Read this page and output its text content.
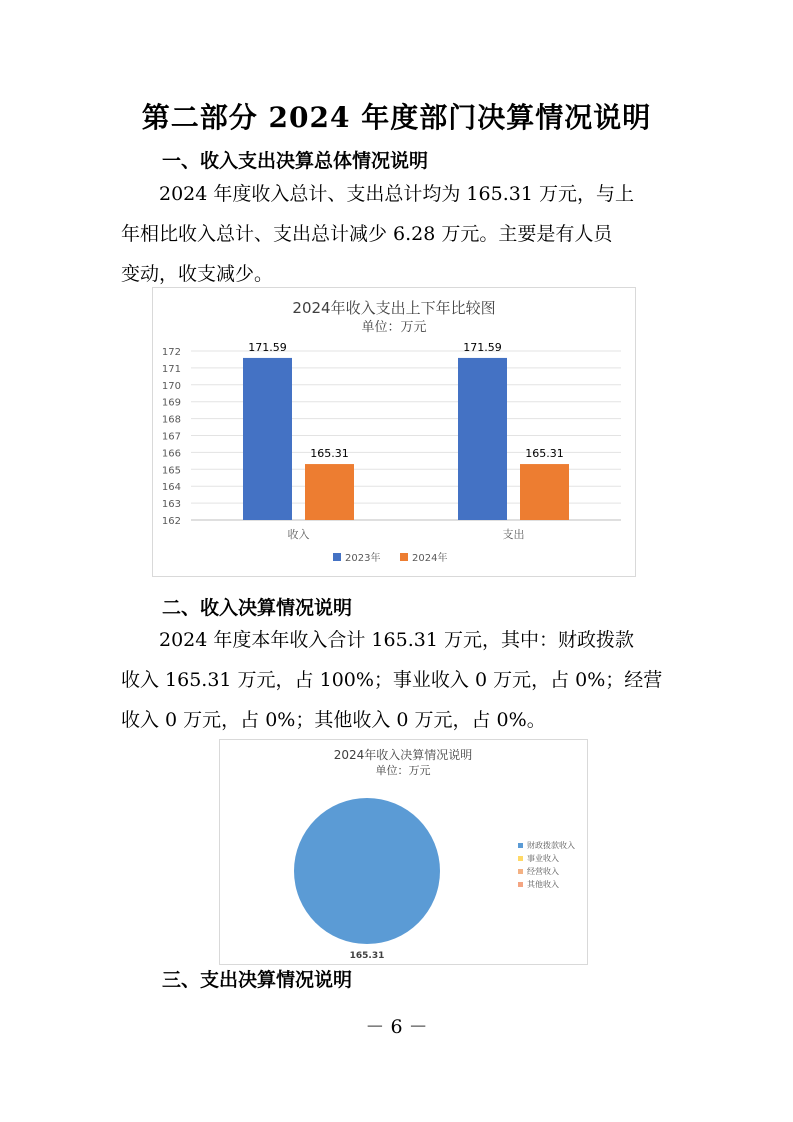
第二部分 2024 年度部门决算情况说明
一、收入支出决算总体情况说明
2024 年度收入总计、支出总计均为 165.31 万元，与上
年相比收入总计、支出总计减少 6.28 万元。主要是有人员
变动，收支减少。
2024年收入支出上下年比较图
单位：万元
162
163
164
165
166
167
168
169
170
171
172	171.59
165.31
171.59
165.31
收入	支出
2023年	2024年
二、收入决算情况说明
2024 年度本年收入合计 165.31 万元，其中：财政拨款
收入 165.31 万元，占 100%；事业收入 0 万元，占 0%；经营
收入 0 万元，占 0%；其他收入 0 万元，占 0%。
2024年收入决算情况说明
单位：万元
165.31
财政拨款收入
事业收入
经营收入
其他收入
三、支出决算情况说明
－ 6 －
